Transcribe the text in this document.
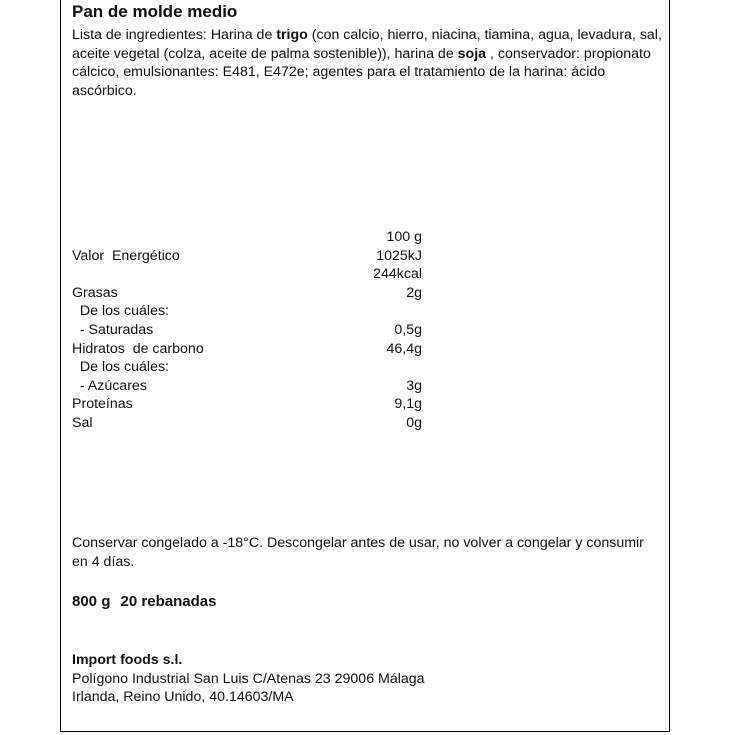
Pan de molde medio
Lista de ingredientes: Harina de trigo (con calcio, hierro, niacina, tiamina, agua, levadura, sal, aceite vegetal (colza, aceite de palma sostenible)), harina de soja , conservador: propionato cálcico, emulsionantes: E481, E472e; agentes para el tratamiento de la harina: ácido ascórbico.
100 g
Valor  Energético	1025kJ
244kcal
Grasas	2g
De los cuáles:
- Saturadas	0,5g
Hidratos  de carbono	46,4g
De los cuáles:
- Azúcares	3g
Proteínas	9,1g
Sal	0g
Conservar congelado a -18°C. Descongelar antes de usar, no volver a congelar y consumir en 4 días.
800 g 20 rebanadas
Import foods s.l.
Polígono Industrial San Luis C/Atenas 23 29006 Málaga
Irlanda, Reino Unido, 40.14603/MA
